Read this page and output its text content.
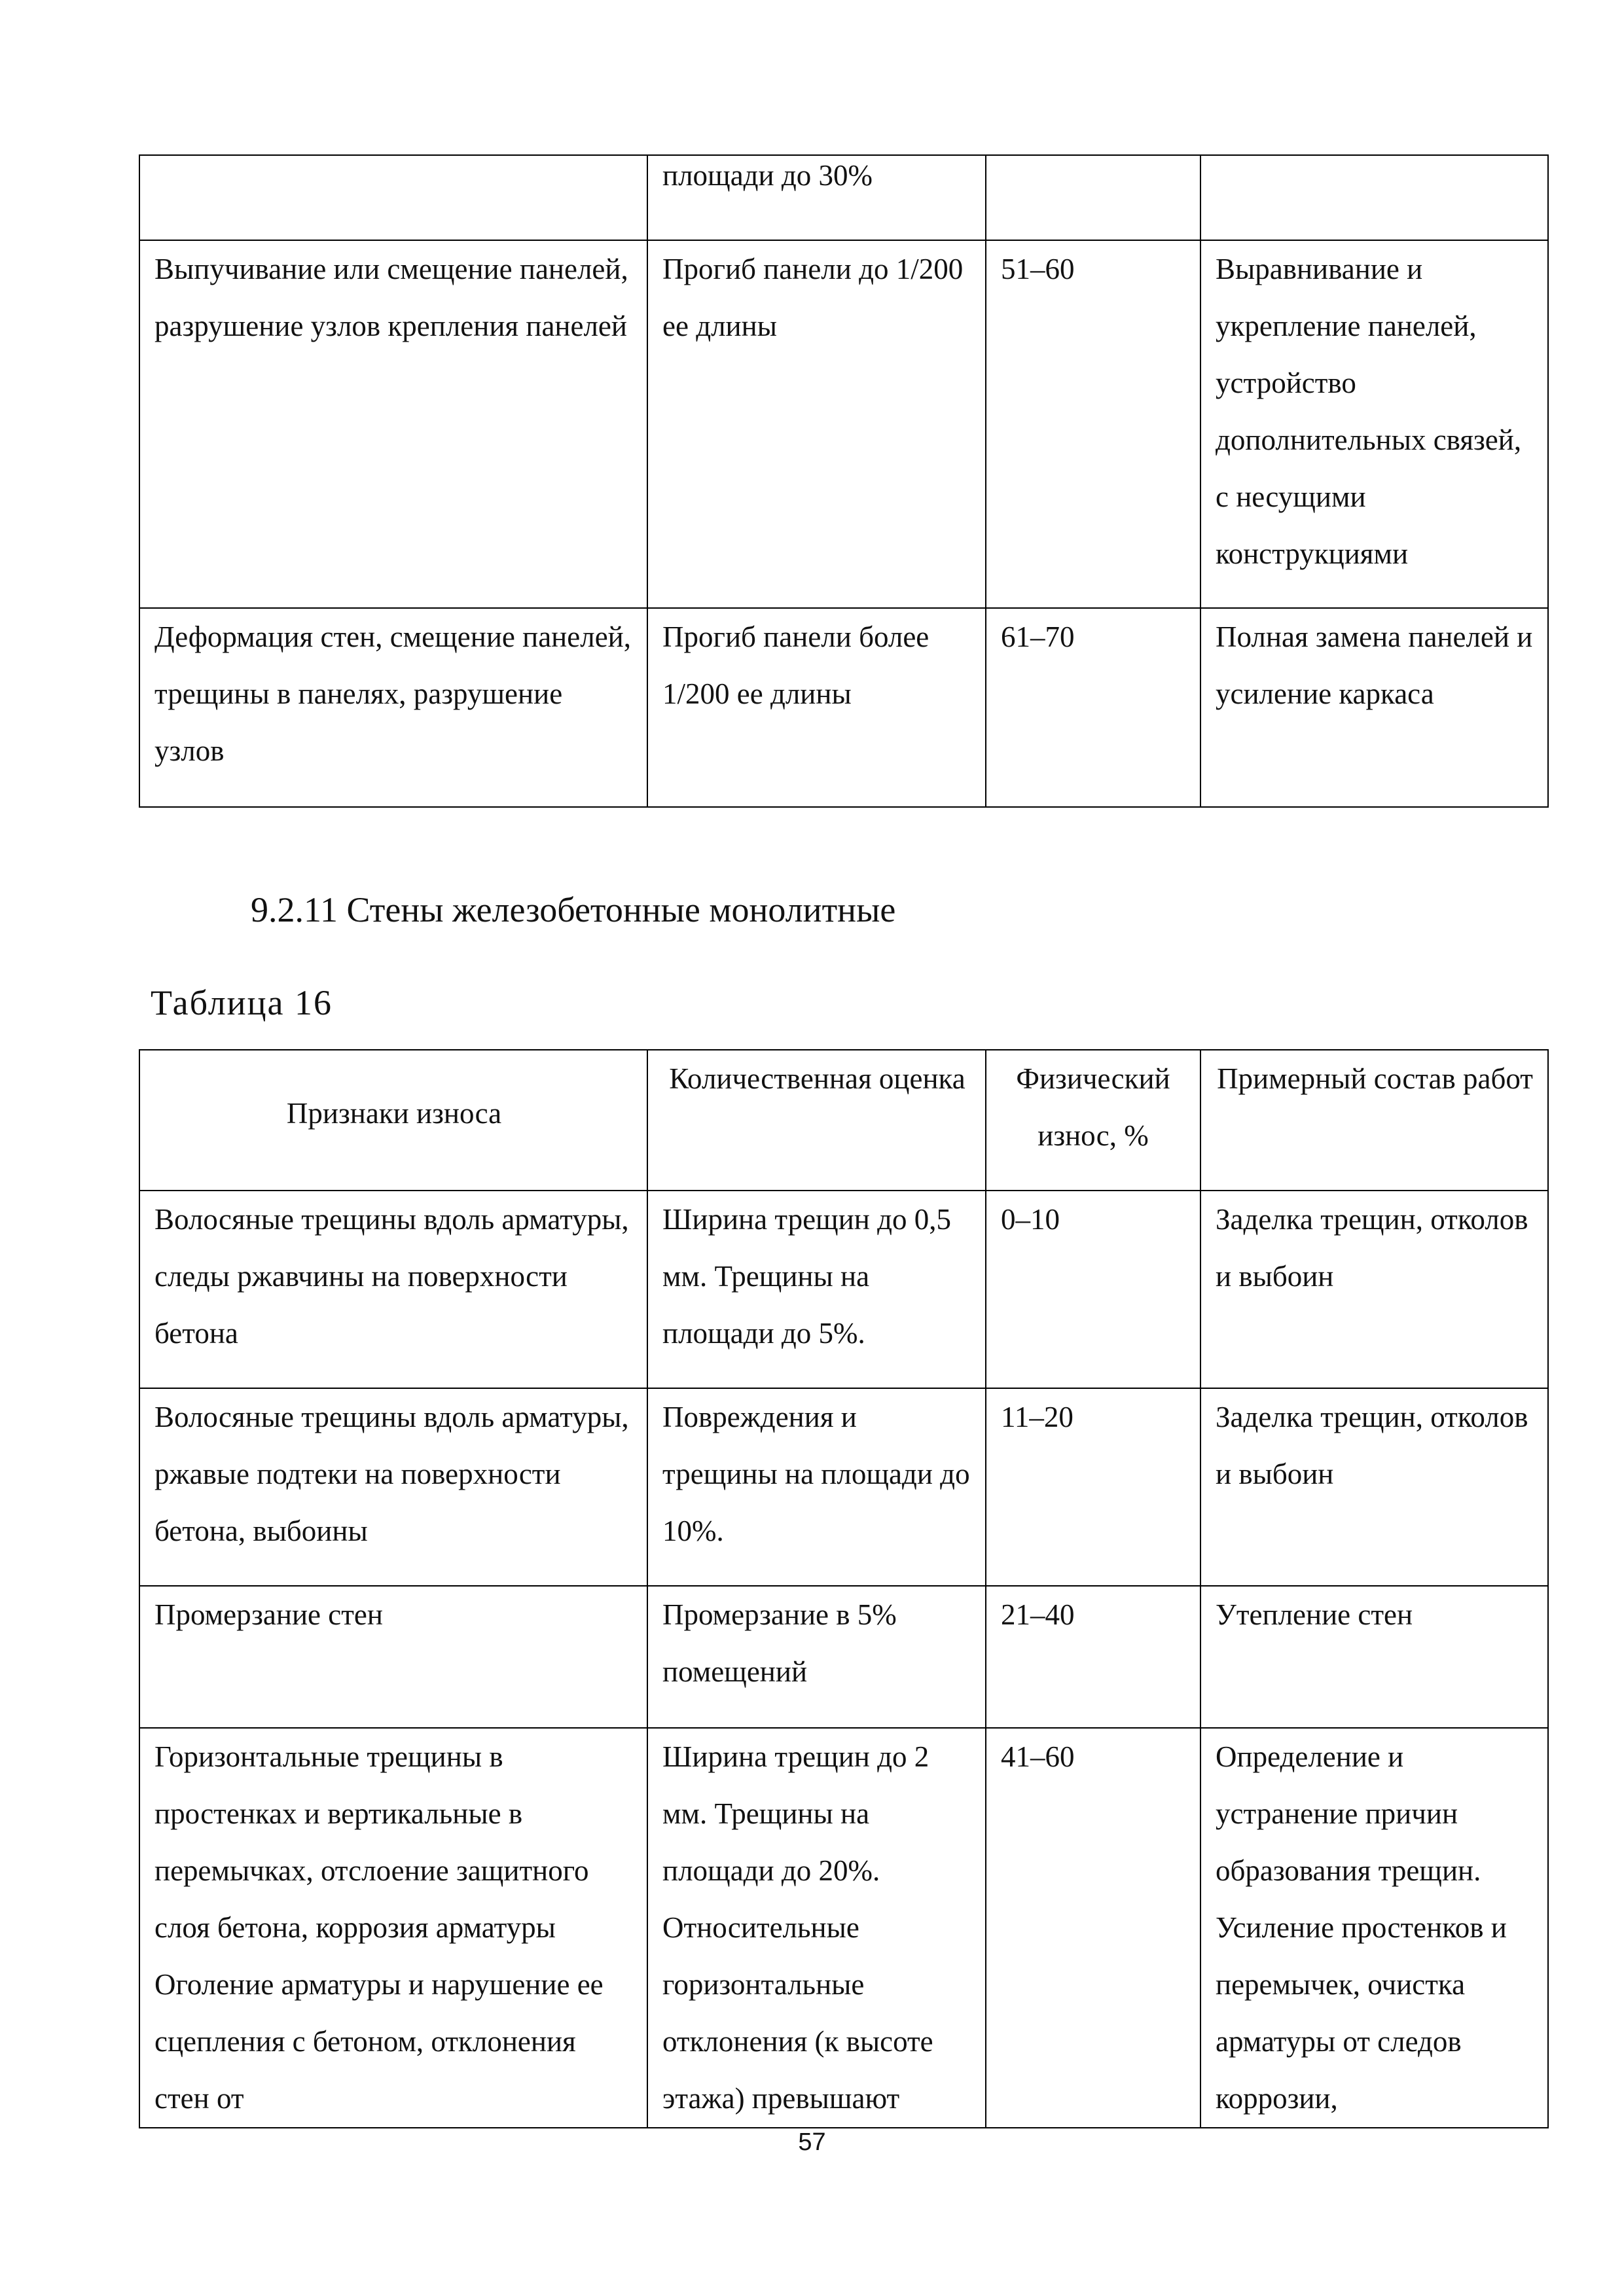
	площади до 30%		
Выпучивание или смещение панелей, разрушение узлов крепления панелей	Прогиб панели до 1/200 ее длины	51–60	Выравнивание и укрепление панелей, устройство дополнительных связей, с несущими конструкциями
Деформация стен, смещение панелей, трещины в панелях, разрушение узлов	Прогиб панели более 1/200 ее длины	61–70	Полная замена панелей и усиление каркаса
9.2.11 Стены железобетонные монолитные
Таблица 16
Признаки износа	Количественная оценка	Физический износ, %	Примерный состав работ
Волосяные трещины вдоль арматуры, следы ржавчины на поверхности бетона	Ширина трещин до 0,5 мм. Трещины на площади до 5%.	0–10	Заделка трещин, отколов и выбоин
Волосяные трещины вдоль арматуры, ржавые подтеки на поверхности бетона, выбоины	Повреждения и трещины на площади до 10%.	11–20	Заделка трещин, отколов и выбоин
Промерзание стен	Промерзание в 5% помещений	21–40	Утепление стен
Горизонтальные трещины в простенках и вертикальные в перемычках, отслоение защитного слоя бетона, коррозия арматуры Оголение арматуры и нарушение ее сцепления с бетоном, отклонения стен от	Ширина трещин до 2 мм. Трещины на площади до 20%. Относительные горизонтальные отклонения (к высоте этажа) превышают	41–60	Определение и устранение причин образования трещин. Усиление простенков и перемычек, очистка арматуры от следов коррозии,
57
